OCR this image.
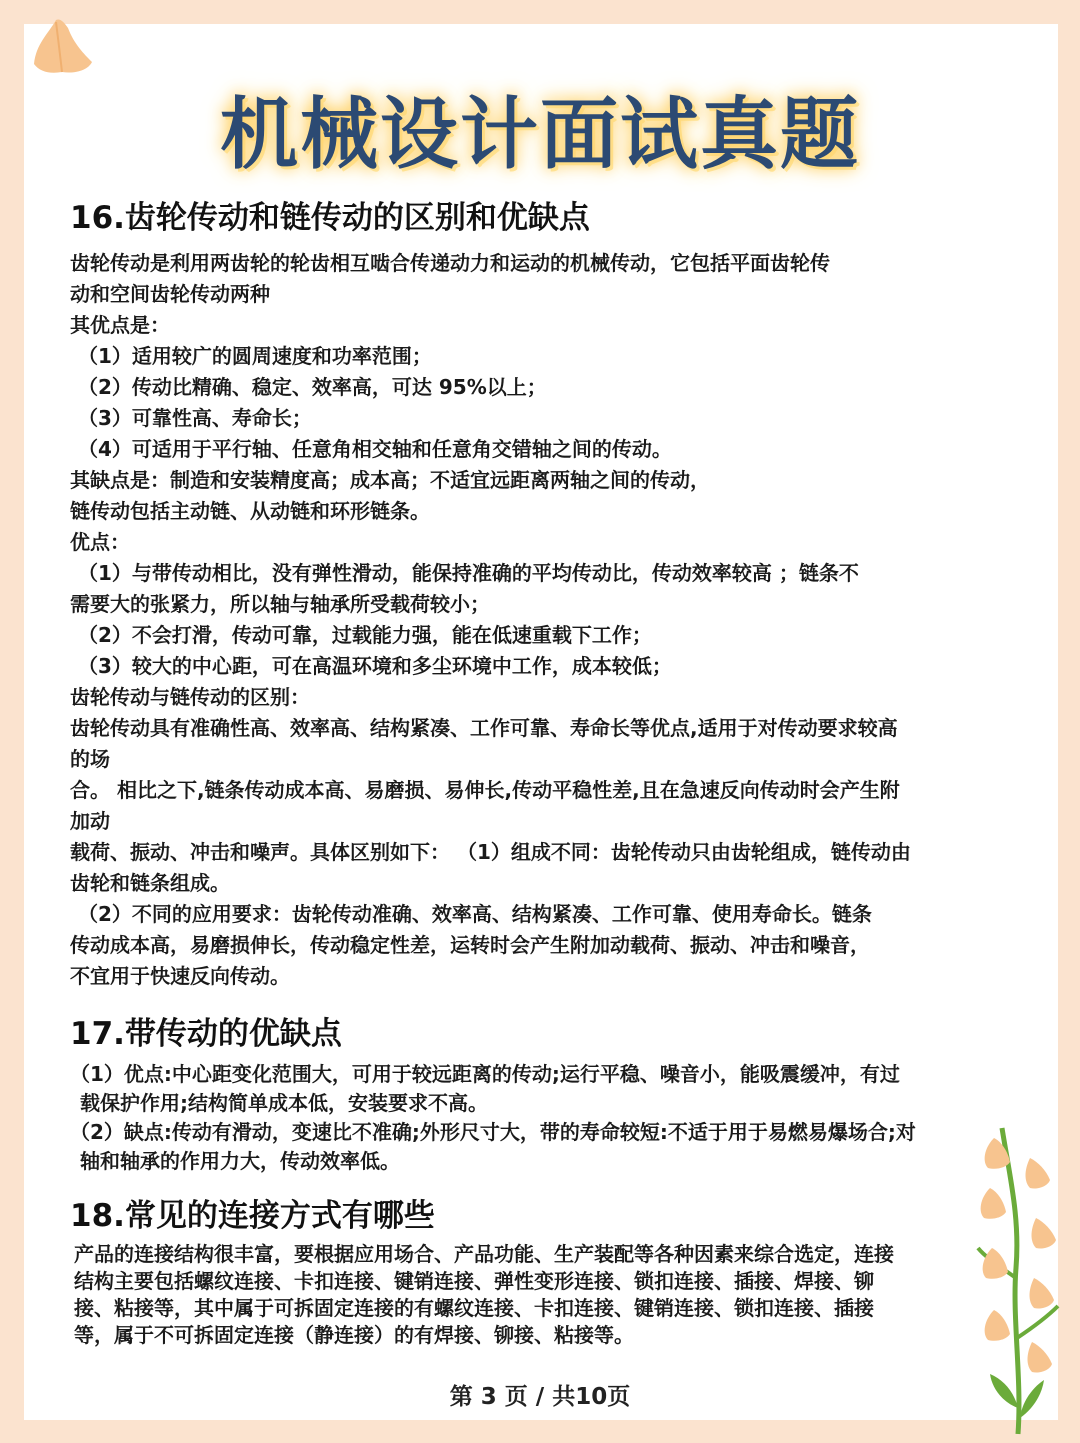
机械设计面试真题
16.齿轮传动和链传动的区别和优缺点
齿轮传动是利用两齿轮的轮齿相互啮合传递动力和运动的机械传动，它包括平面齿轮传
动和空间齿轮传动两种
其优点是：
（1）适用较广的圆周速度和功率范围；
（2）传动比精确、稳定、效率高，可达 95%以上；
（3）可靠性高、寿命长；
（4）可适用于平行轴、任意角相交轴和任意角交错轴之间的传动。
其缺点是：制造和安装精度高；成本高；不适宜远距离两轴之间的传动，
链传动包括主动链、从动链和环形链条。
优点：
（1）与带传动相比，没有弹性滑动，能保持准确的平均传动比，传动效率较高 ；链条不
需要大的张紧力，所以轴与轴承所受载荷较小；
（2）不会打滑，传动可靠，过载能力强，能在低速重载下工作；
（3）较大的中心距，可在高温环境和多尘环境中工作，成本较低；
齿轮传动与链传动的区别：
齿轮传动具有准确性高、效率高、结构紧凑、工作可靠、寿命长等优点,适用于对传动要求较高
的场
合。 相比之下,链条传动成本高、易磨损、易伸长,传动平稳性差,且在急速反向传动时会产生附
加动
载荷、振动、冲击和噪声。具体区别如下： （1）组成不同：齿轮传动只由齿轮组成，链传动由
齿轮和链条组成。
（2）不同的应用要求：齿轮传动准确、效率高、结构紧凑、工作可靠、使用寿命长。链条
传动成本高，易磨损伸长，传动稳定性差，运转时会产生附加动载荷、振动、冲击和噪音，
不宜用于快速反向传动。
17.带传动的优缺点
（1）优点:中心距变化范围大，可用于较远距离的传动;运行平稳、噪音小，能吸震缓冲，有过
载保护作用;结构简单成本低，安装要求不高。
（2）缺点:传动有滑动，变速比不准确;外形尺寸大，带的寿命较短:不适于用于易燃易爆场合;对
轴和轴承的作用力大，传动效率低。
18.常见的连接方式有哪些
产品的连接结构很丰富，要根据应用场合、产品功能、生产装配等各种因素来综合选定，连接
结构主要包括螺纹连接、卡扣连接、键销连接、弹性变形连接、锁扣连接、插接、焊接、铆
接、粘接等，其中属于可拆固定连接的有螺纹连接、卡扣连接、键销连接、锁扣连接、插接
等，属于不可拆固定连接（静连接）的有焊接、铆接、粘接等。
第 3 页 / 共10页
